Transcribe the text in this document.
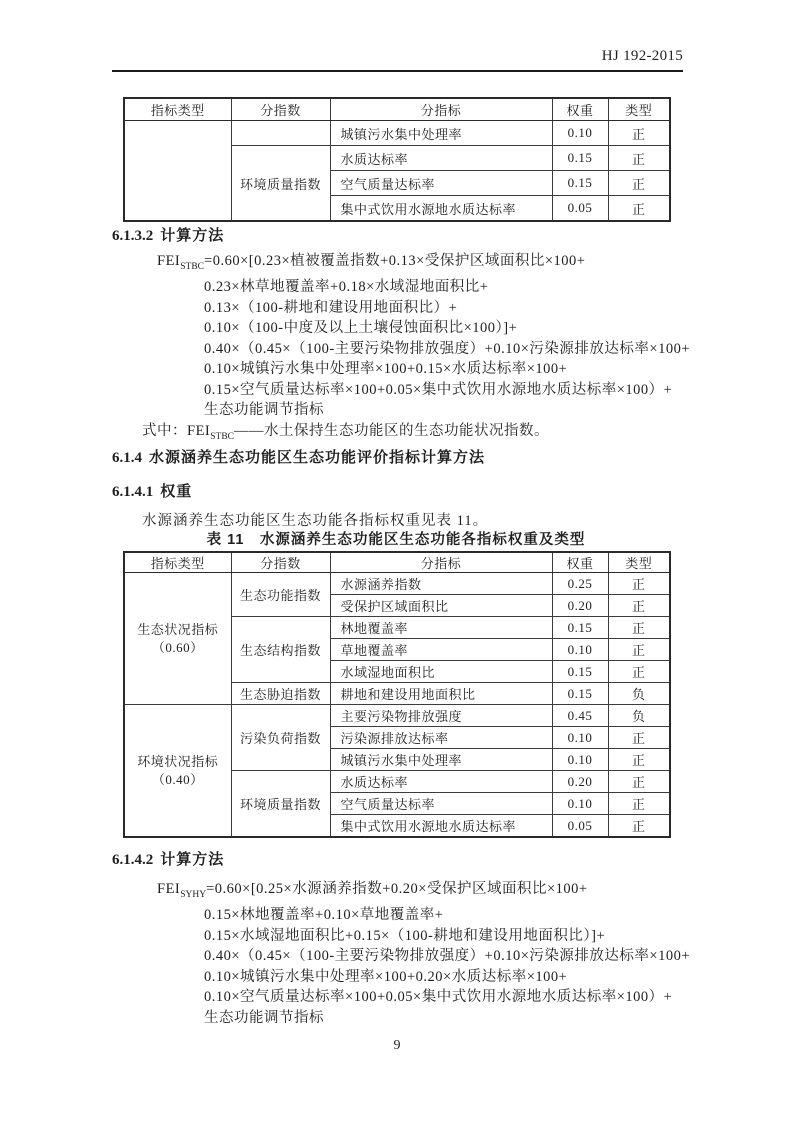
HJ 192-2015
指标类型	分指数	分指标	权重	类型
		城镇污水集中处理率	0.10	正
	环境质量指数	水质达标率	0.15	正
		空气质量达标率	0.15	正
		集中式饮用水源地水质达标率	0.05	正
6.1.3.2 计算方法
$FEI_{STBC}=0.60\times[0.23\times$植被覆盖指数+0.13×受保护区域面积比×100+
0.23×林草地覆盖率+0.18×水域湿地面积比+
0.13×（100-耕地和建设用地面积比）+
0.10×（100-中度及以上土壤侵蚀面积比×100）]+
0.40×（0.45×（100-主要污染物排放强度）+0.10×污染源排放达标率×100+
0.10×城镇污水集中处理率×100+0.15×水质达标率×100+
0.15×空气质量达标率×100+0.05×集中式饮用水源地水质达标率×100）+
生态功能调节指标
式中：$FEI_{STBC}——$水土保持生态功能区的生态功能状况指数。
6.1.4 水源涵养生态功能区生态功能评价指标计算方法
6.1.4.1 权重
水源涵养生态功能区生态功能各指标权重见表 11。
表 11　水源涵养生态功能区生态功能各指标权重及类型
指标类型	分指数	分指标	权重	类型

生态状况指标
（0.60）	生态功能指数	水源涵养指数	0.25	正
		受保护区域面积比	0.20	正
	生态结构指数	林地覆盖率	0.15	正
		草地覆盖率	0.10	正
		水域湿地面积比	0.15	正
	生态胁迫指数	耕地和建设用地面积比	0.15	负

环境状况指标
（0.40）	污染负荷指数	主要污染物排放强度	0.45	负
		污染源排放达标率	0.10	正
		城镇污水集中处理率	0.10	正
	环境质量指数	水质达标率	0.20	正
		空气质量达标率	0.10	正
		集中式饮用水源地水质达标率	0.05	正
6.1.4.2 计算方法
$FEI_{SYHY}=0.60\times[0.25\times$水源涵养指数+0.20×受保护区域面积比×100+
0.15×林地覆盖率+0.10×草地覆盖率+
0.15×水域湿地面积比+0.15×（100-耕地和建设用地面积比）]+
0.40×（0.45×（100-主要污染物排放强度）+0.10×污染源排放达标率×100+
0.10×城镇污水集中处理率×100+0.20×水质达标率×100+
0.10×空气质量达标率×100+0.05×集中式饮用水源地水质达标率×100）+
生态功能调节指标
9
